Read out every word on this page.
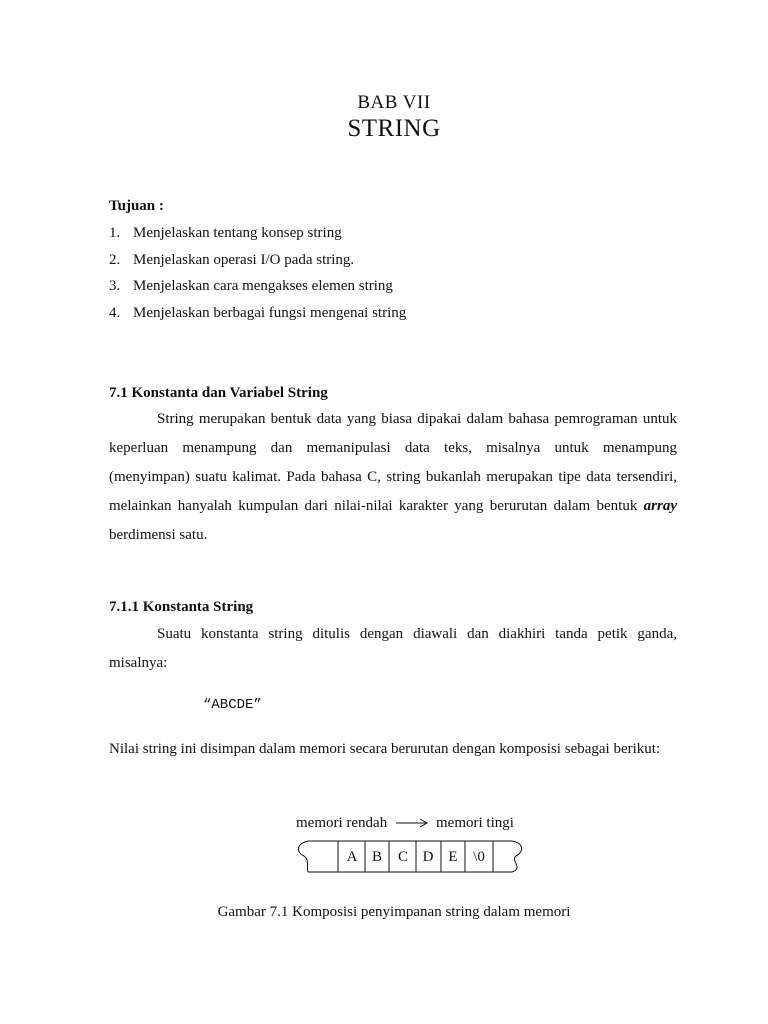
BAB VII
STRING
Tujuan :
1. Menjelaskan tentang konsep string
2. Menjelaskan operasi I/O pada string.
3. Menjelaskan cara mengakses elemen string
4. Menjelaskan berbagai fungsi mengenai string
7.1 Konstanta dan Variabel String
String merupakan bentuk data yang biasa dipakai dalam bahasa pemrograman untuk keperluan menampung dan memanipulasi data teks, misalnya untuk menampung (menyimpan) suatu kalimat. Pada bahasa C, string bukanlah merupakan tipe data tersendiri, melainkan hanyalah kumpulan dari nilai-nilai karakter yang berurutan dalam bentuk array berdimensi satu.
7.1.1 Konstanta String
Suatu konstanta string ditulis dengan diawali dan diakhiri tanda petik ganda, misalnya:
“ABCDE”
Nilai string ini disimpan dalam memori secara berurutan dengan komposisi sebagai berikut:
memori rendah	memori tingi
A B C D E \0
Gambar 7.1 Komposisi penyimpanan string dalam memori
